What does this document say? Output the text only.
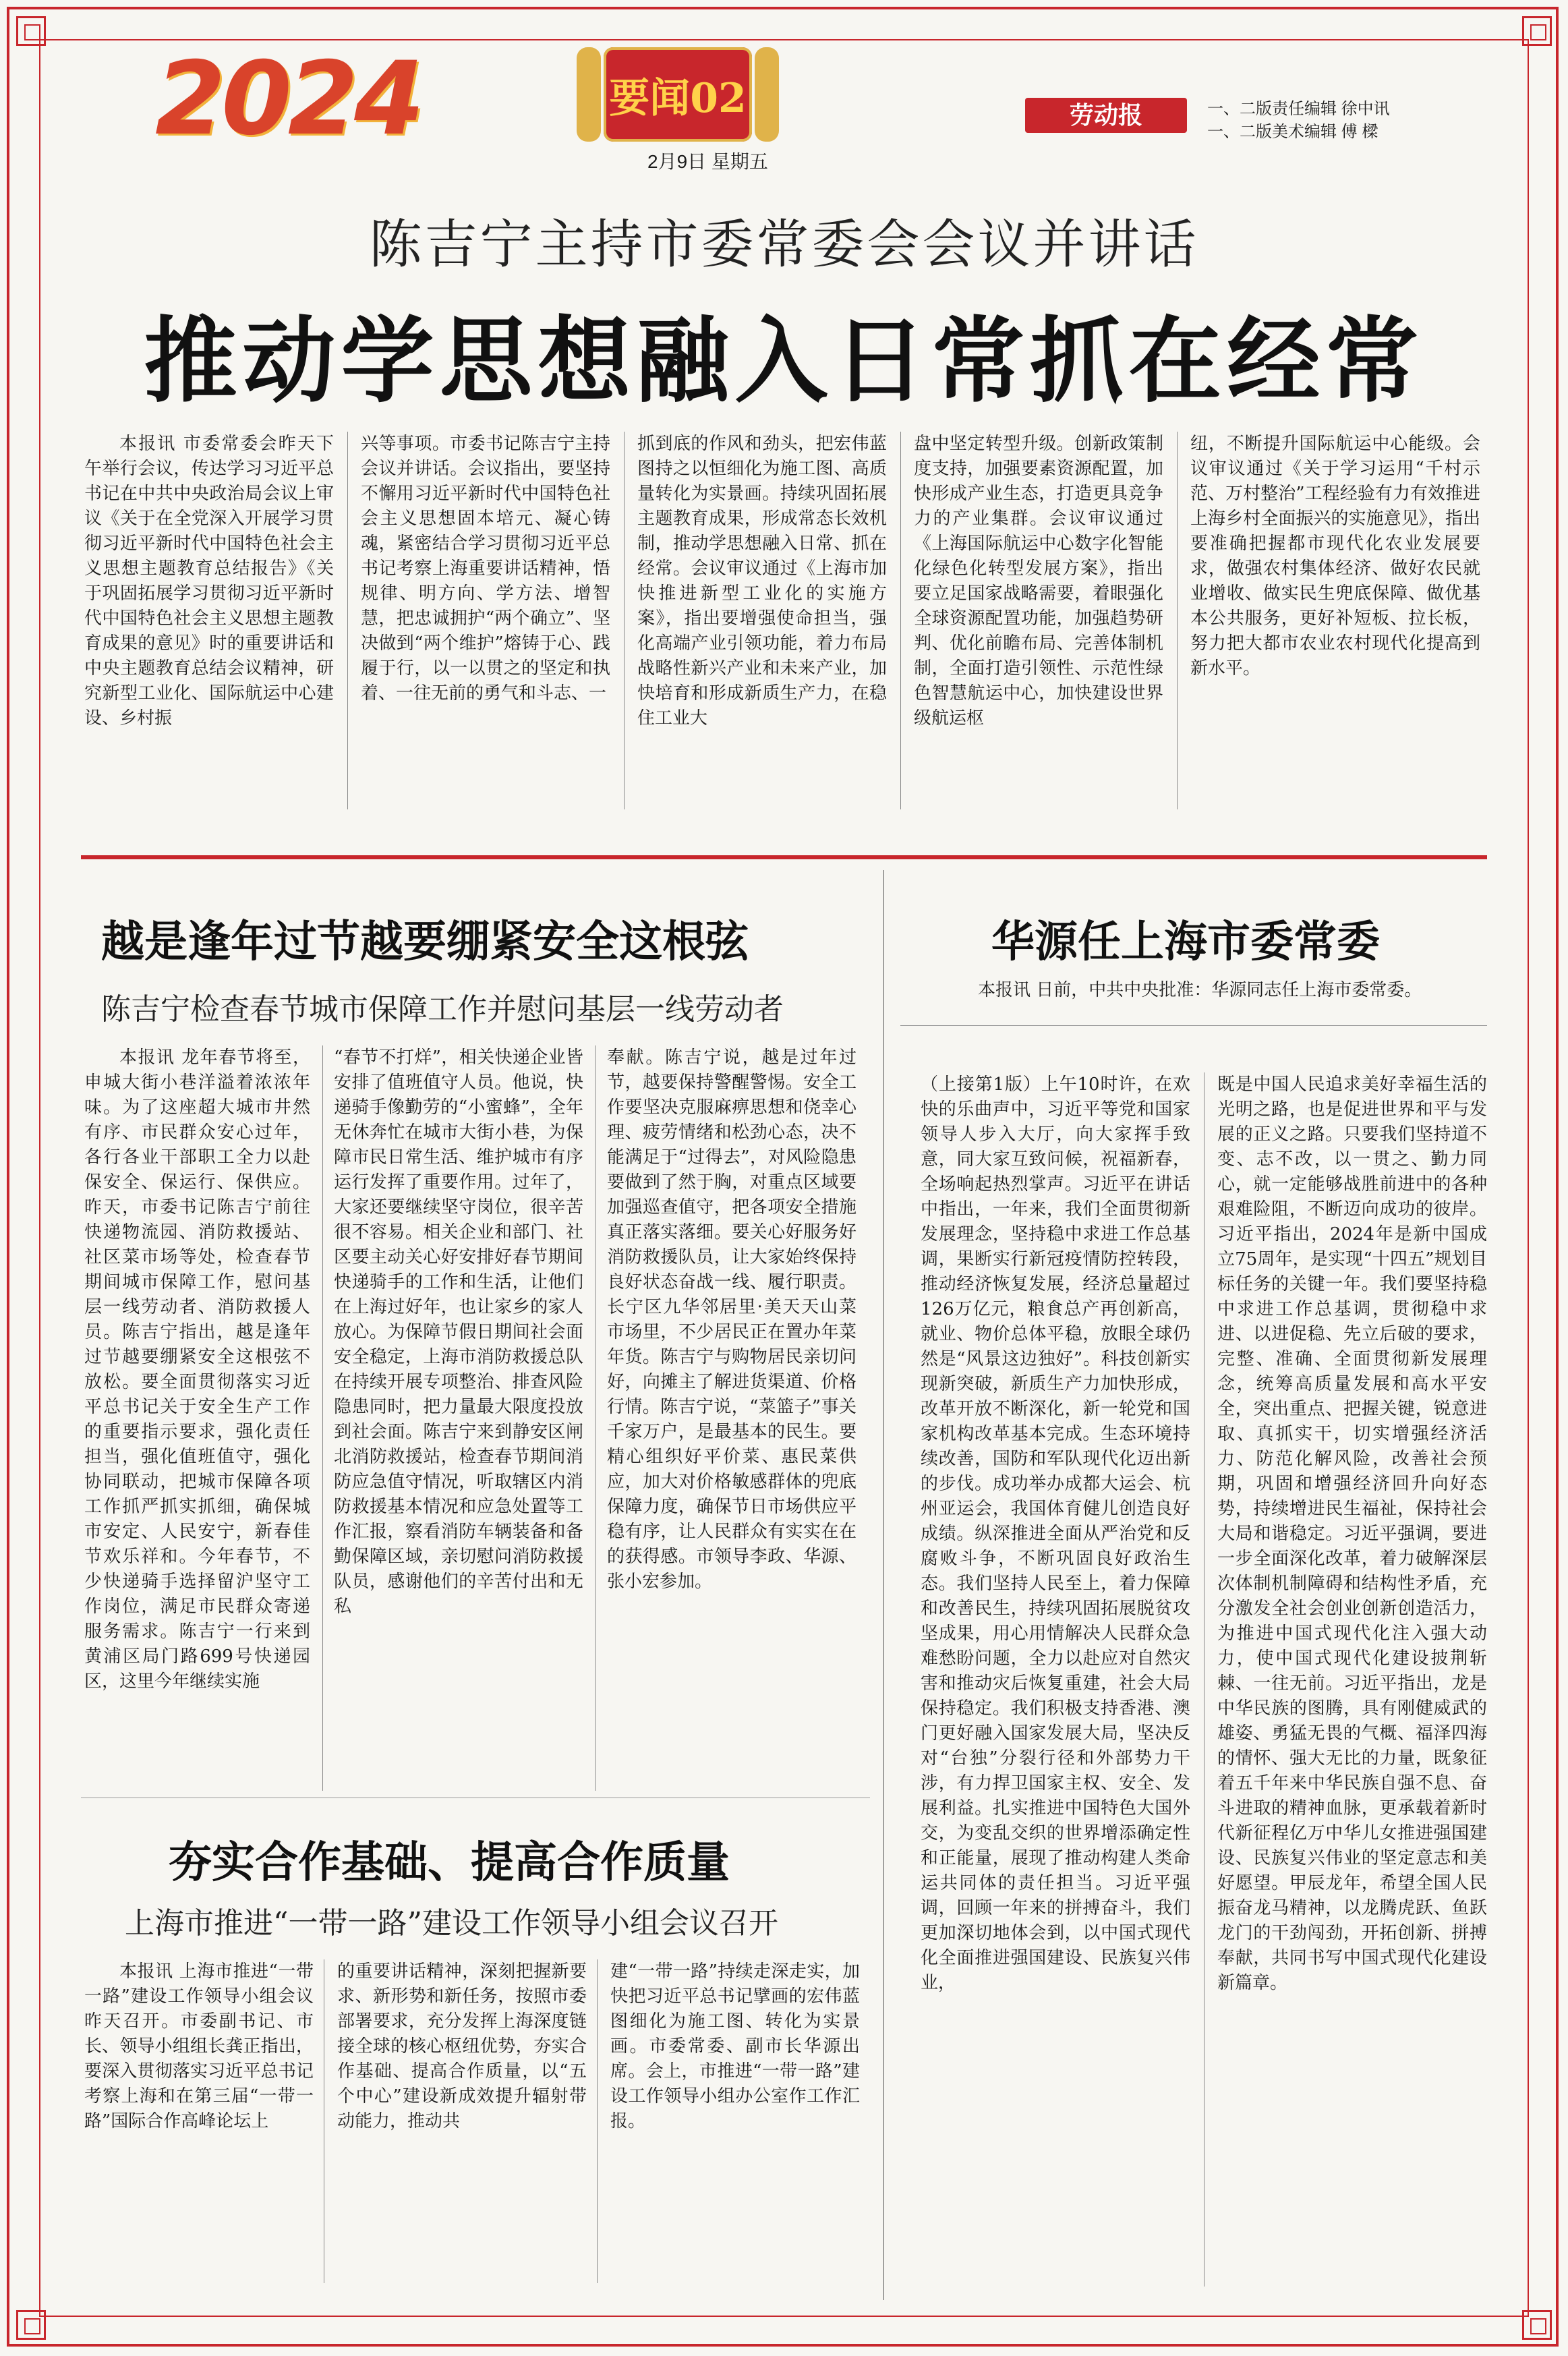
2024	要闻02
2月9日 星期五
劳动报	一、二版责任编辑 徐中讯
一、二版美术编辑 傅 樑
陈吉宁主持市委常委会会议并讲话
推动学思想融入日常抓在经常
本报讯 市委常委会昨天下午举行会议，传达学习习近平总书记在中共中央政治局会议上审议《关于在全党深入开展学习贯彻习近平新时代中国特色社会主义思想主题教育总结报告》《关于巩固拓展学习贯彻习近平新时代中国特色社会主义思想主题教育成果的意见》时的重要讲话和中央主题教育总结会议精神，研究新型工业化、国际航运中心建设、乡村振
兴等事项。市委书记陈吉宁主持会议并讲话。会议指出，要坚持不懈用习近平新时代中国特色社会主义思想固本培元、凝心铸魂，紧密结合学习贯彻习近平总书记考察上海重要讲话精神，悟规律、明方向、学方法、增智慧，把忠诚拥护“两个确立”、坚决做到“两个维护”熔铸于心、践履于行，以一以贯之的坚定和执着、一往无前的勇气和斗志、一
抓到底的作风和劲头，把宏伟蓝图持之以恒细化为施工图、高质量转化为实景画。持续巩固拓展主题教育成果，形成常态长效机制，推动学思想融入日常、抓在经常。会议审议通过《上海市加快推进新型工业化的实施方案》，指出要增强使命担当，强化高端产业引领功能，着力布局战略性新兴产业和未来产业，加快培育和形成新质生产力，在稳住工业大
盘中坚定转型升级。创新政策制度支持，加强要素资源配置，加快形成产业生态，打造更具竞争力的产业集群。会议审议通过《上海国际航运中心数字化智能化绿色化转型发展方案》，指出要立足国家战略需要，着眼强化全球资源配置功能，加强趋势研判、优化前瞻布局、完善体制机制，全面打造引领性、示范性绿色智慧航运中心，加快建设世界级航运枢
纽，不断提升国际航运中心能级。会议审议通过《关于学习运用“千村示范、万村整治”工程经验有力有效推进上海乡村全面振兴的实施意见》，指出要准确把握都市现代化农业发展要求，做强农村集体经济、做好农民就业增收、做实民生兜底保障、做优基本公共服务，更好补短板、拉长板，努力把大都市农业农村现代化提高到新水平。
越是逢年过节越要绷紧安全这根弦
陈吉宁检查春节城市保障工作并慰问基层一线劳动者
本报讯 龙年春节将至，申城大街小巷洋溢着浓浓年味。为了这座超大城市井然有序、市民群众安心过年，各行各业干部职工全力以赴保安全、保运行、保供应。昨天，市委书记陈吉宁前往快递物流园、消防救援站、社区菜市场等处，检查春节期间城市保障工作，慰问基层一线劳动者、消防救援人员。陈吉宁指出，越是逢年过节越要绷紧安全这根弦不放松。要全面贯彻落实习近平总书记关于安全生产工作的重要指示要求，强化责任担当，强化值班值守，强化协同联动，把城市保障各项工作抓严抓实抓细，确保城市安定、人民安宁，新春佳节欢乐祥和。今年春节，不少快递骑手选择留沪坚守工作岗位，满足市民群众寄递服务需求。陈吉宁一行来到黄浦区局门路699号快递园区，这里今年继续实施
“春节不打烊”，相关快递企业皆安排了值班值守人员。他说，快递骑手像勤劳的“小蜜蜂”，全年无休奔忙在城市大街小巷，为保障市民日常生活、维护城市有序运行发挥了重要作用。过年了，大家还要继续坚守岗位，很辛苦很不容易。相关企业和部门、社区要主动关心好安排好春节期间快递骑手的工作和生活，让他们在上海过好年，也让家乡的家人放心。为保障节假日期间社会面安全稳定，上海市消防救援总队在持续开展专项整治、排查风险隐患同时，把力量最大限度投放到社会面。陈吉宁来到静安区闸北消防救援站，检查春节期间消防应急值守情况，听取辖区内消防救援基本情况和应急处置等工作汇报，察看消防车辆装备和备勤保障区域，亲切慰问消防救援队员，感谢他们的辛苦付出和无私
奉献。陈吉宁说，越是过年过节，越要保持警醒警惕。安全工作要坚决克服麻痹思想和侥幸心理、疲劳情绪和松劲心态，决不能满足于“过得去”，对风险隐患要做到了然于胸，对重点区域要加强巡查值守，把各项安全措施真正落实落细。要关心好服务好消防救援队员，让大家始终保持良好状态奋战一线、履行职责。长宁区九华邻居里·美天天山菜市场里，不少居民正在置办年菜年货。陈吉宁与购物居民亲切问好，向摊主了解进货渠道、价格行情。陈吉宁说，“菜篮子”事关千家万户，是最基本的民生。要精心组织好平价菜、惠民菜供应，加大对价格敏感群体的兜底保障力度，确保节日市场供应平稳有序，让人民群众有实实在在的获得感。市领导李政、华源、张小宏参加。
华源任上海市委常委
本报讯 日前，中共中央批准：华源同志任上海市委常委。
（上接第1版）上午10时许，在欢快的乐曲声中，习近平等党和国家领导人步入大厅，向大家挥手致意，同大家互致问候，祝福新春，全场响起热烈掌声。习近平在讲话中指出，一年来，我们全面贯彻新发展理念，坚持稳中求进工作总基调，果断实行新冠疫情防控转段，推动经济恢复发展，经济总量超过126万亿元，粮食总产再创新高，就业、物价总体平稳，放眼全球仍然是“风景这边独好”。科技创新实现新突破，新质生产力加快形成，改革开放不断深化，新一轮党和国家机构改革基本完成。生态环境持续改善，国防和军队现代化迈出新的步伐。成功举办成都大运会、杭州亚运会，我国体育健儿创造良好成绩。纵深推进全面从严治党和反腐败斗争，不断巩固良好政治生态。我们坚持人民至上，着力保障和改善民生，持续巩固拓展脱贫攻坚成果，用心用情解决人民群众急难愁盼问题，全力以赴应对自然灾害和推动灾后恢复重建，社会大局保持稳定。我们积极支持香港、澳门更好融入国家发展大局，坚决反对“台独”分裂行径和外部势力干涉，有力捍卫国家主权、安全、发展利益。扎实推进中国特色大国外交，为变乱交织的世界增添确定性和正能量，展现了推动构建人类命运共同体的责任担当。习近平强调，回顾一年来的拼搏奋斗，我们更加深切地体会到，以中国式现代化全面推进强国建设、民族复兴伟业，
既是中国人民追求美好幸福生活的光明之路，也是促进世界和平与发展的正义之路。只要我们坚持道不变、志不改，以一贯之、勤力同心，就一定能够战胜前进中的各种艰难险阻，不断迈向成功的彼岸。习近平指出，2024年是新中国成立75周年，是实现“十四五”规划目标任务的关键一年。我们要坚持稳中求进工作总基调，贯彻稳中求进、以进促稳、先立后破的要求，完整、准确、全面贯彻新发展理念，统筹高质量发展和高水平安全，突出重点、把握关键，锐意进取、真抓实干，切实增强经济活力、防范化解风险，改善社会预期，巩固和增强经济回升向好态势，持续增进民生福祉，保持社会大局和谐稳定。习近平强调，要进一步全面深化改革，着力破解深层次体制机制障碍和结构性矛盾，充分激发全社会创业创新创造活力，为推进中国式现代化注入强大动力，使中国式现代化建设披荆斩棘、一往无前。习近平指出，龙是中华民族的图腾，具有刚健威武的雄姿、勇猛无畏的气概、福泽四海的情怀、强大无比的力量，既象征着五千年来中华民族自强不息、奋斗进取的精神血脉，更承载着新时代新征程亿万中华儿女推进强国建设、民族复兴伟业的坚定意志和美好愿望。甲辰龙年，希望全国人民振奋龙马精神，以龙腾虎跃、鱼跃龙门的干劲闯劲，开拓创新、拼搏奉献，共同书写中国式现代化建设新篇章。
夯实合作基础、提高合作质量
上海市推进“一带一路”建设工作领导小组会议召开
本报讯 上海市推进“一带一路”建设工作领导小组会议昨天召开。市委副书记、市长、领导小组组长龚正指出，要深入贯彻落实习近平总书记考察上海和在第三届“一带一路”国际合作高峰论坛上
的重要讲话精神，深刻把握新要求、新形势和新任务，按照市委部署要求，充分发挥上海深度链接全球的核心枢纽优势，夯实合作基础、提高合作质量，以“五个中心”建设新成效提升辐射带动能力，推动共
建“一带一路”持续走深走实，加快把习近平总书记擘画的宏伟蓝图细化为施工图、转化为实景画。市委常委、副市长华源出席。会上，市推进“一带一路”建设工作领导小组办公室作工作汇报。
